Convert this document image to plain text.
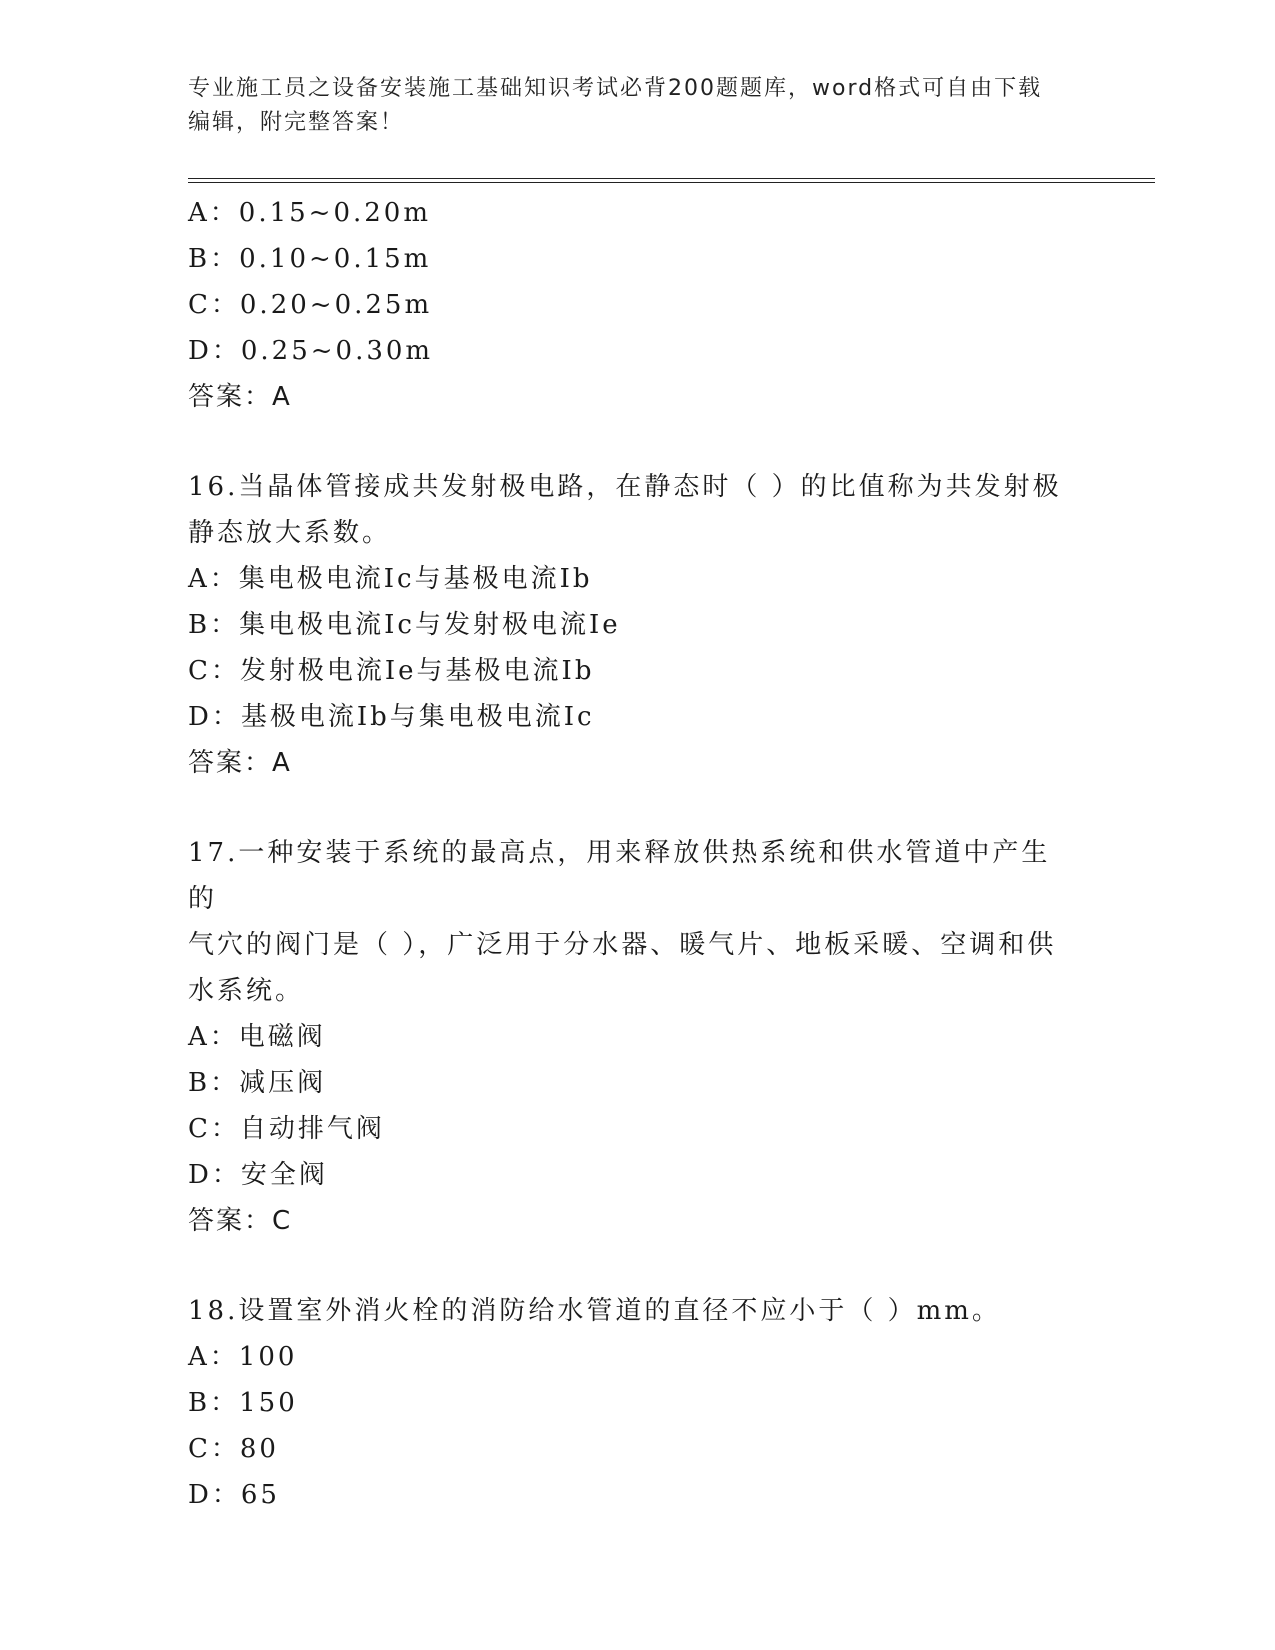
专业施工员之设备安装施工基础知识考试必背200题题库，word格式可自由下载
编辑，附完整答案！
A：0.15~0.20m
B：0.10~0.15m
C：0.20~0.25m
D：0.25~0.30m
答案：A
16.当晶体管接成共发射极电路，在静态时（ ）的比值称为共发射极
静态放大系数。
A：集电极电流Ic与基极电流Ib
B：集电极电流Ic与发射极电流Ie
C：发射极电流Ie与基极电流Ib
D：基极电流Ib与集电极电流Ic
答案：A
17.一种安装于系统的最高点，用来释放供热系统和供水管道中产生的
气穴的阀门是（ ），广泛用于分水器、暖气片、地板采暖、空调和供
水系统。
A：电磁阀
B：减压阀
C：自动排气阀
D：安全阀
答案：C
18.设置室外消火栓的消防给水管道的直径不应小于（ ）mm。
A：100
B：150
C：80
D：65
